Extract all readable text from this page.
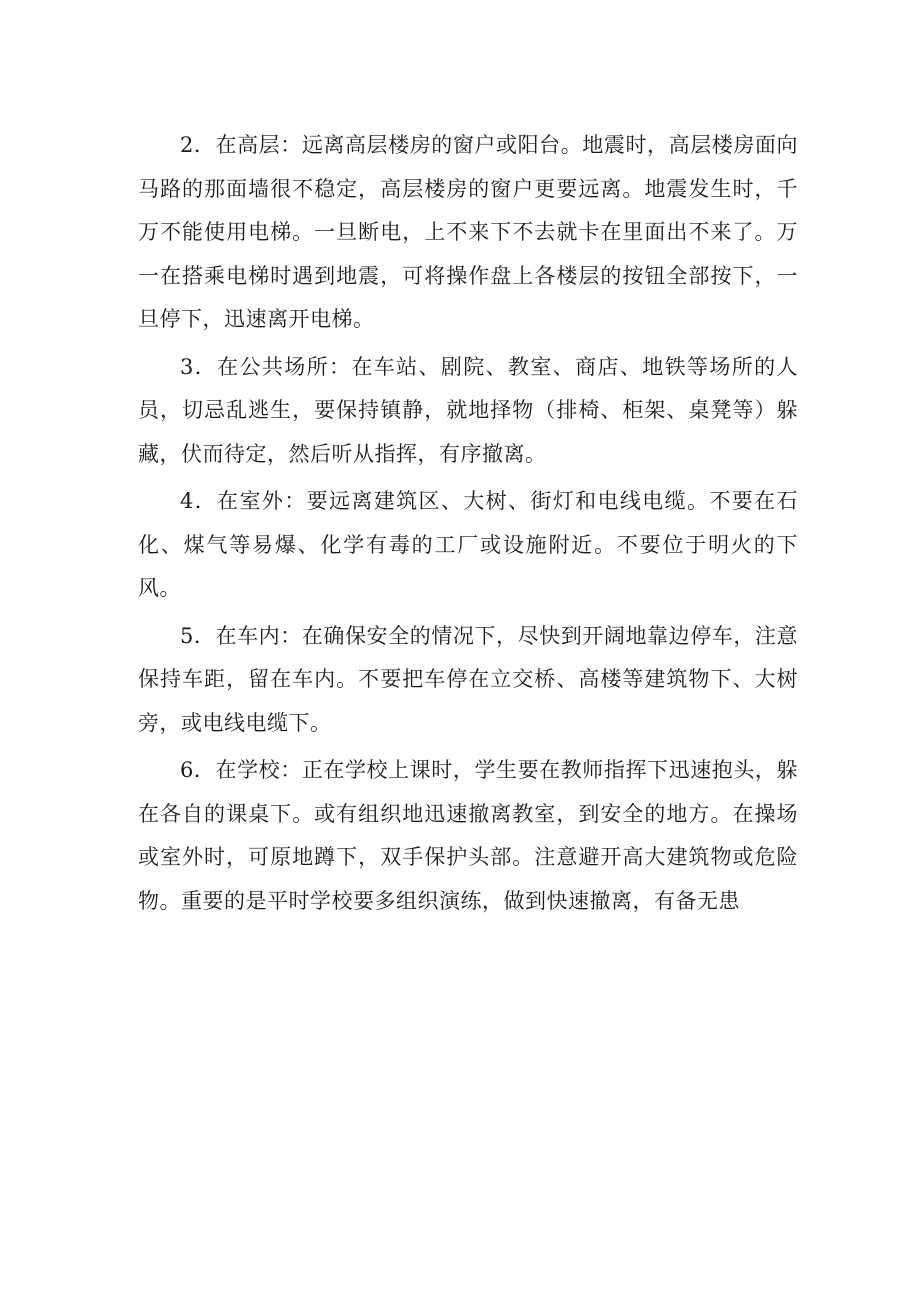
2．在高层：远离高层楼房的窗户或阳台。地震时，高层楼房面向马路的那面墙很不稳定，高层楼房的窗户更要远离。地震发生时，千万不能使用电梯。一旦断电，上不来下不去就卡在里面出不来了。万一在搭乘电梯时遇到地震，可将操作盘上各楼层的按钮全部按下，一旦停下，迅速离开电梯。

3．在公共场所：在车站、剧院、教室、商店、地铁等场所的人员，切忌乱逃生，要保持镇静，就地择物（排椅、柜架、桌凳等）躲藏，伏而待定，然后听从指挥，有序撤离。

4．在室外：要远离建筑区、大树、街灯和电线电缆。不要在石化、煤气等易爆、化学有毒的工厂或设施附近。不要位于明火的下风。

5．在车内：在确保安全的情况下，尽快到开阔地靠边停车，注意保持车距，留在车内。不要把车停在立交桥、高楼等建筑物下、大树旁，或电线电缆下。

6．在学校：正在学校上课时，学生要在教师指挥下迅速抱头，躲在各自的课桌下。或有组织地迅速撤离教室，到安全的地方。在操场或室外时，可原地蹲下，双手保护头部。注意避开高大建筑物或危险物。重要的是平时学校要多组织演练，做到快速撤离，有备无患
